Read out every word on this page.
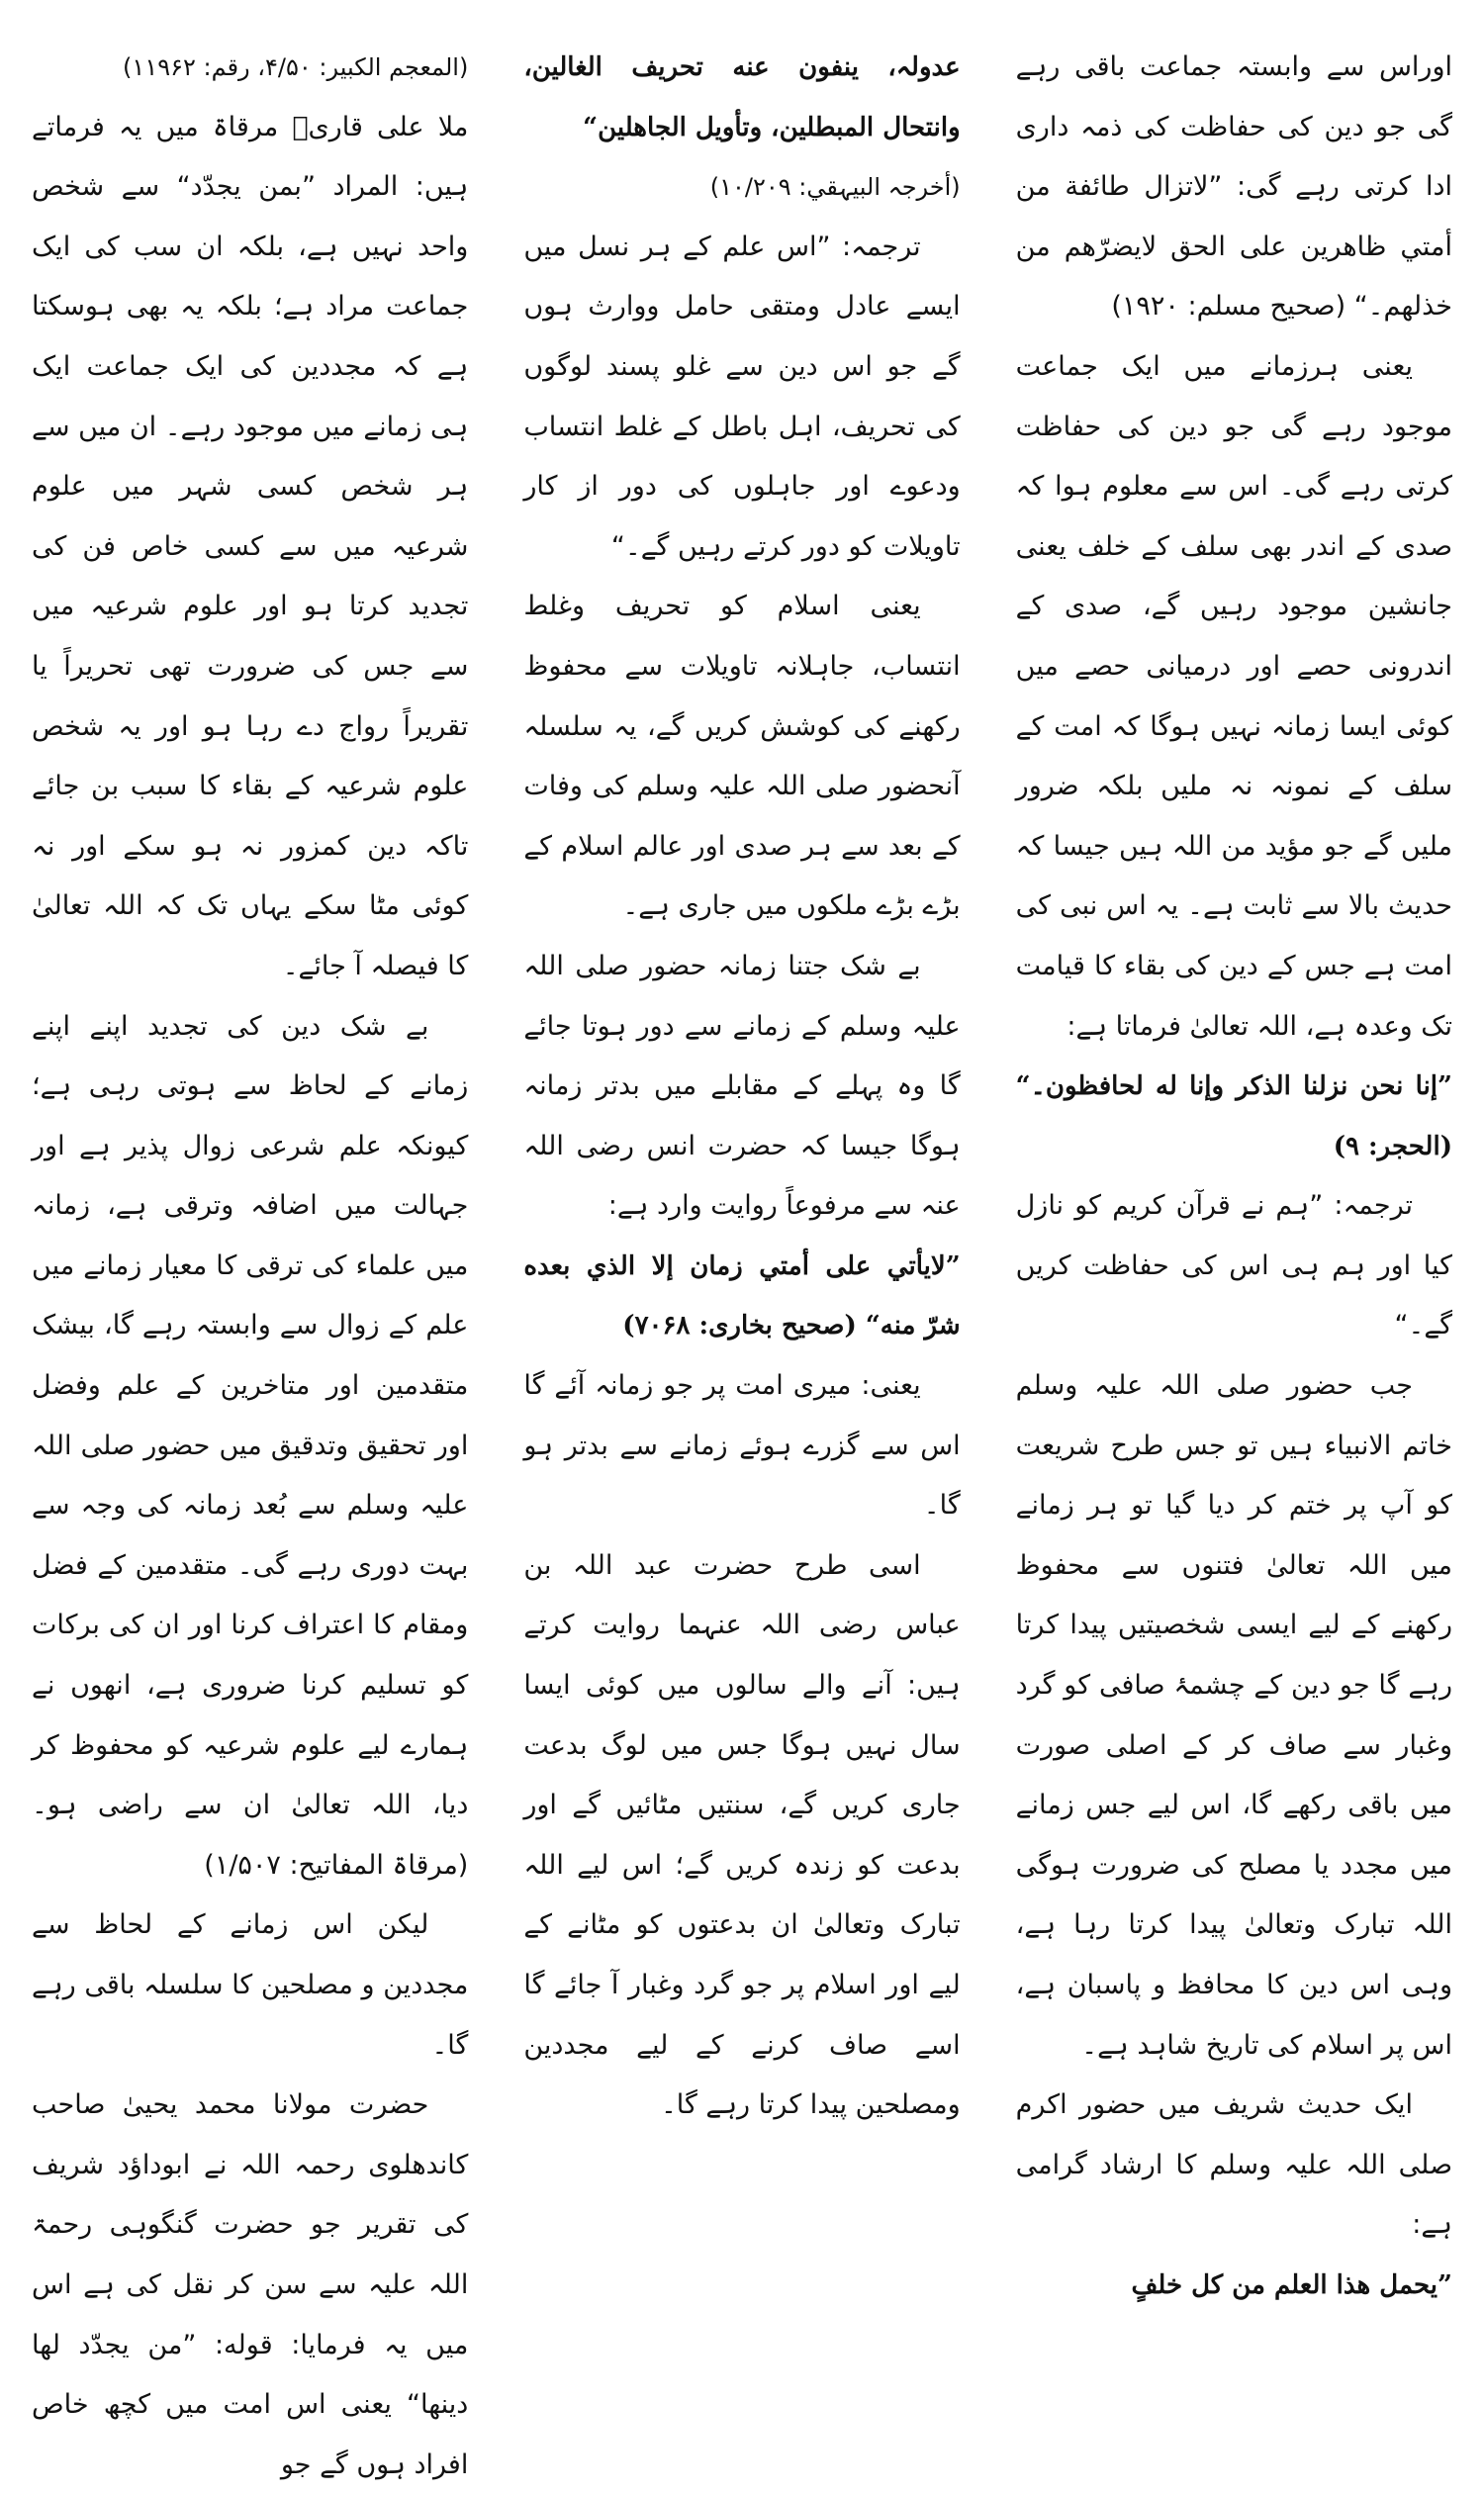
اوراس سے وابستہ جماعت باقی رہے گی جو دین کی حفاظت کی ذمہ داری ادا کرتی رہے گی: ”لاتزال طائفة من أمتي ظاهرين على الحق لايضرّهم من خذلهم۔“ (صحیح مسلم: ۱۹۲۰)

یعنی ہرزمانے میں ایک جماعت موجود رہے گی جو دین کی حفاظت کرتی رہے گی۔ اس سے معلوم ہوا کہ صدی کے اندر بھی سلف کے خلف یعنی جانشین موجود رہیں گے، صدی کے اندرونی حصے اور درمیانی حصے میں کوئی ایسا زمانہ نہیں ہوگا کہ امت کے سلف کے نمونہ نہ ملیں بلکہ ضرور ملیں گے جو مؤید من اللہ ہیں جیسا کہ حدیث بالا سے ثابت ہے۔ یہ اس نبی کی امت ہے جس کے دین کی بقاء کا قیامت تک وعدہ ہے، اللہ تعالیٰ فرماتا ہے:

”إنا نحن نزلنا الذكر وإنا له لحافظون۔“ (الحجر: ۹)

ترجمہ: ”ہم نے قرآن کریم کو نازل کیا اور ہم ہی اس کی حفاظت کریں گے۔“

جب حضور صلی اللہ علیہ وسلم خاتم الانبیاء ہیں تو جس طرح شریعت کو آپ پر ختم کر دیا گیا تو ہر زمانے میں اللہ تعالیٰ فتنوں سے محفوظ رکھنے کے لیے ایسی شخصیتیں پیدا کرتا رہے گا جو دین کے چشمۂ صافی کو گرد وغبار سے صاف کر کے اصلی صورت میں باقی رکھے گا، اس لیے جس زمانے میں مجدد یا مصلح کی ضرورت ہوگی اللہ تبارک وتعالیٰ پیدا کرتا رہا ہے، وہی اس دین کا محافظ و پاسبان ہے، اس پر اسلام کی تاریخ شاہد ہے۔

ایک حدیث شریف میں حضور اکرم صلی اللہ علیہ وسلم کا ارشاد گرامی ہے:

”يحمل هذا العلم من كل خلفٍ

عدولہ، ينفون عنه تحريف الغالين، وانتحال المبطلين، وتأويل الجاهلين“

(أخرجہ البیہقي: ۱۰/۲۰۹)

ترجمہ: ”اس علم کے ہر نسل میں ایسے عادل ومتقی حامل ووارث ہوں گے جو اس دین سے غلو پسند لوگوں کی تحریف، اہل باطل کے غلط انتساب ودعوے اور جاہلوں کی دور از کار تاویلات کو دور کرتے رہیں گے۔“

یعنی اسلام کو تحریف وغلط انتساب، جاہلانہ تاویلات سے محفوظ رکھنے کی کوشش کریں گے، یہ سلسلہ آنحضور صلی اللہ علیہ وسلم کی وفات کے بعد سے ہر صدی اور عالم اسلام کے بڑے بڑے ملکوں میں جاری ہے۔

بے شک جتنا زمانہ حضور صلی اللہ علیہ وسلم کے زمانے سے دور ہوتا جائے گا وہ پہلے کے مقابلے میں بدتر زمانہ ہوگا جیسا کہ حضرت انس رضی اللہ عنہ سے مرفوعاً روایت وارد ہے:

”لايأتي على أمتي زمان إلا الذي بعده شرّ منه“ (صحیح بخاری: ۷۰۶۸)

یعنی: میری امت پر جو زمانہ آئے گا اس سے گزرے ہوئے زمانے سے بدتر ہو گا۔

اسی طرح حضرت عبد اللہ بن عباس رضی اللہ عنہما روایت کرتے ہیں: آنے والے سالوں میں کوئی ایسا سال نہیں ہوگا جس میں لوگ بدعت جاری کریں گے، سنتیں مٹائیں گے اور بدعت کو زندہ کریں گے؛ اس لیے اللہ تبارک وتعالیٰ ان بدعتوں کو مٹانے کے لیے اور اسلام پر جو گرد وغبار آ جائے گا اسے صاف کرنے کے لیے مجددین ومصلحین پیدا کرتا رہے گا۔

(المعجم الکبیر: ۴/۵۰، رقم: ۱۱۹۶۲)

ملا علی قاریؒ مرقاۃ میں یہ فرماتے ہیں: المراد ”بمن يجدّد“ سے شخص واحد نہیں ہے، بلکہ ان سب کی ایک جماعت مراد ہے؛ بلکہ یہ بھی ہوسکتا ہے کہ مجددین کی ایک جماعت ایک ہی زمانے میں موجود رہے۔ ان میں سے ہر شخص کسی شہر میں علوم شرعیہ میں سے کسی خاص فن کی تجدید کرتا ہو اور علوم شرعیہ میں سے جس کی ضرورت تھی تحریراً یا تقریراً رواج دے رہا ہو اور یہ شخص علوم شرعیہ کے بقاء کا سبب بن جائے تاکہ دین کمزور نہ ہو سکے اور نہ کوئی مٹا سکے یہاں تک کہ اللہ تعالیٰ کا فیصلہ آ جائے۔

بے شک دین کی تجدید اپنے اپنے زمانے کے لحاظ سے ہوتی رہی ہے؛ کیونکہ علم شرعی زوال پذیر ہے اور جہالت میں اضافہ وترقی ہے، زمانہ میں علماء کی ترقی کا معیار زمانے میں علم کے زوال سے وابستہ رہے گا، بیشک متقدمین اور متاخرین کے علم وفضل اور تحقیق وتدقیق میں حضور صلی اللہ علیہ وسلم سے بُعد زمانہ کی وجہ سے بہت دوری رہے گی۔ متقدمین کے فضل ومقام کا اعتراف کرنا اور ان کی برکات کو تسلیم کرنا ضروری ہے، انھوں نے ہمارے لیے علوم شرعیہ کو محفوظ کر دیا، اللہ تعالیٰ ان سے راضی ہو۔ (مرقاۃ المفاتیح: ۱/۵۰۷)

لیکن اس زمانے کے لحاظ سے مجددین و مصلحین کا سلسلہ باقی رہے گا۔

حضرت مولانا محمد یحییٰ صاحب کاندھلوی رحمہ اللہ نے ابوداؤد شریف کی تقریر جو حضرت گنگوہی رحمۃ اللہ علیہ سے سن کر نقل کی ہے اس میں یہ فرمایا: قوله: ”من يجدّد لها دينها“ یعنی اس امت میں کچھ خاص افراد ہوں گے جو
